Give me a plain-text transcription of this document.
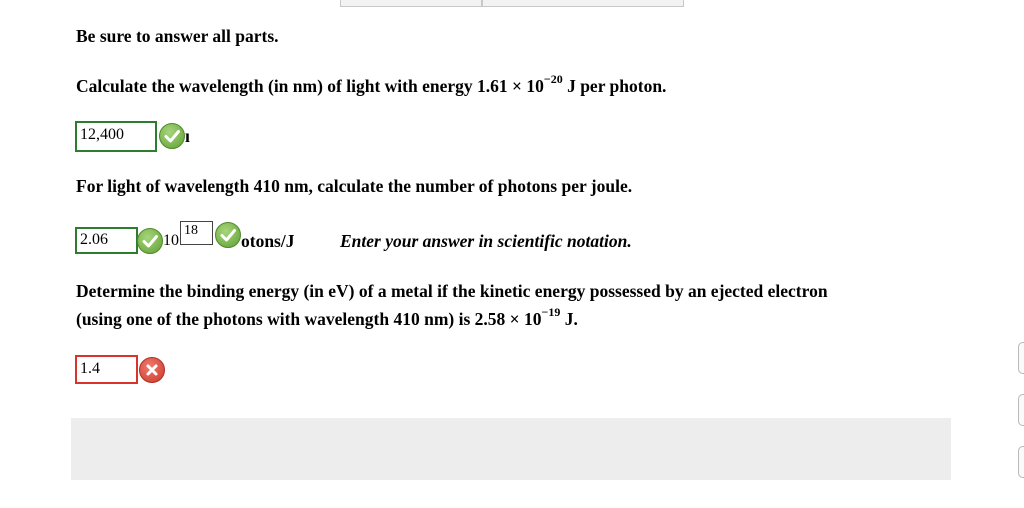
Be sure to answer all parts.
Calculate the wavelength (in nm) of light with energy $1.61 \times 10^{-20}$ J per photon.
12,400	ı
For light of wavelength 410 nm, calculate the number of photons per joule.
2.06	10
18
otons/J	Enter your answer in scientific notation.
Determine the binding energy (in eV) of a metal if the kinetic energy possessed by an ejected electron
(using one of the photons with wavelength 410 nm) is $2.58 \times 10^{-19}$ J.
1.4
